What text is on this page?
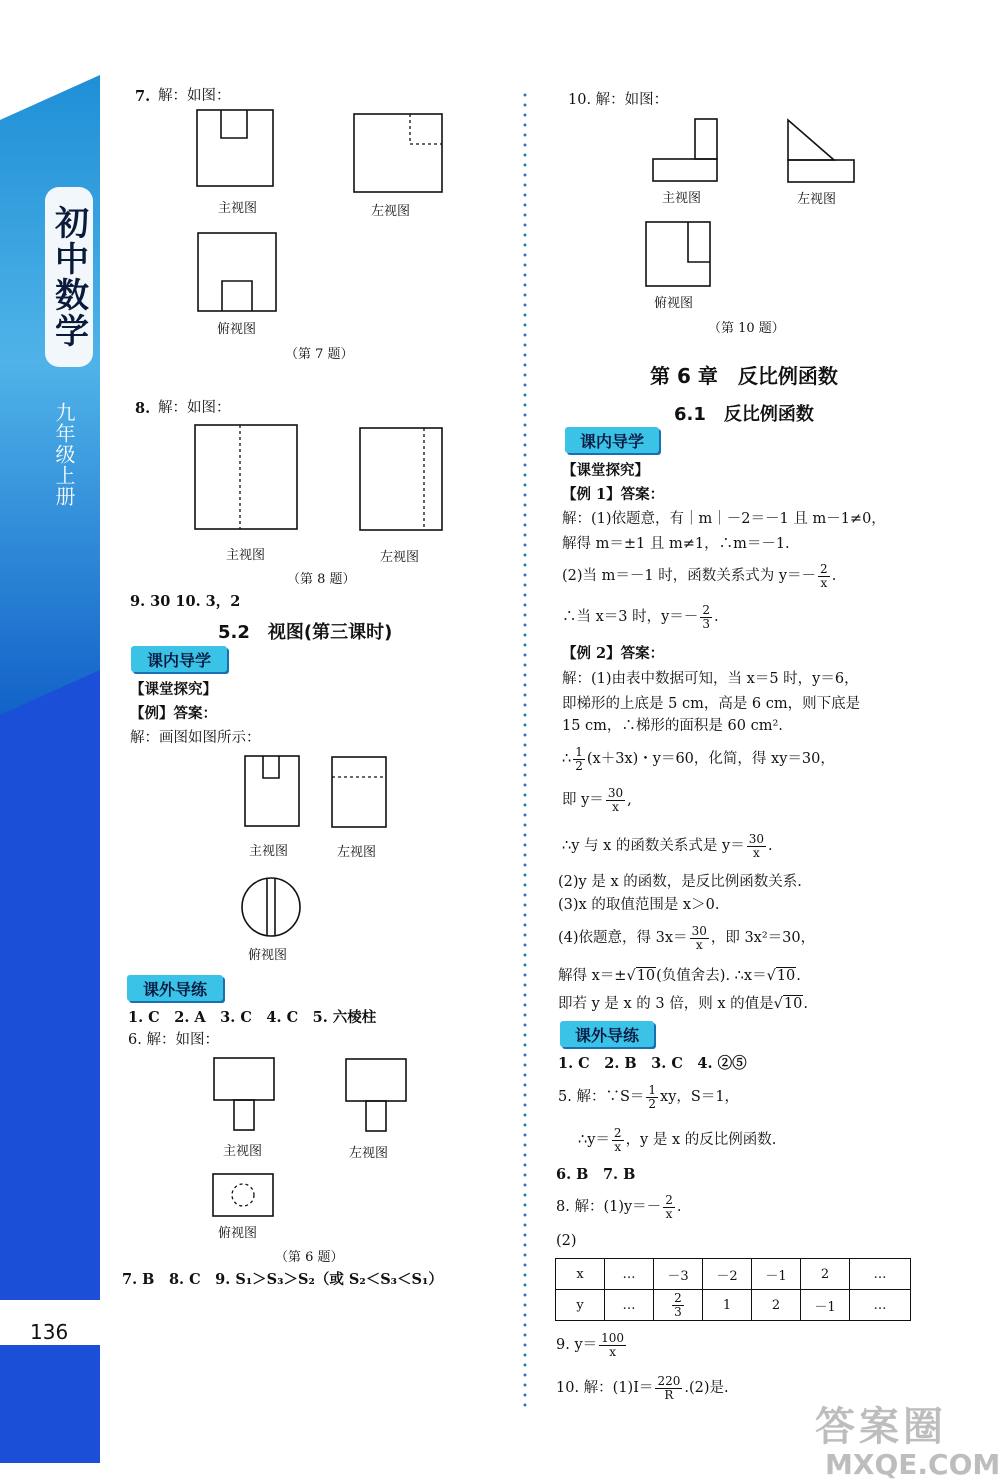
初中数学
九年级上册
136
7. 解：如图：
主视图	左视图
俯视图
（第 7 题）
8. 解：如图：
主视图	左视图
（第 8 题）
9. 30 10. 3，2
5.2　视图(第三课时)
课内导学
【课堂探究】
【例】答案：
解：画图如图所示：
主视图	左视图
俯视图
课外导练
1. C　2. A　3. C　4. C　5. 六棱柱
6. 解：如图：
主视图	左视图
俯视图
（第 6 题）
7. B　8. C　9. S₁＞S₃＞S₂（或 S₂＜S₃＜S₁）
10. 解：如图：
主视图	左视图
俯视图
（第 10 题）
第 6 章　反比例函数
6.1　反比例函数
课内导学
【课堂探究】
【例 1】答案：
解：(1)依题意，有｜m｜－2＝－1 且 m－1≠0，
解得 m＝±1 且 m≠1，∴m＝－1.
(2)当 m＝－1 时，函数关系式为 $y=- \frac{2}{x}$ .
∴当 x＝3 时，$y=- \frac{2}{3}$ .
【例 2】答案：
解：(1)由表中数据可知，当 x＝5 时，y＝6，
即梯形的上底是 5 cm，高是 6 cm，则下底是
15 cm，∴梯形的面积是 60 cm².
∴ $\frac{1}{2} (x+3x)$・y＝60，化简，得 xy＝30，
即 $y= \frac{30}{x}$ ,
∴y 与 x 的函数关系式是 $y= \frac{30}{x}$ .
(2)y 是 x 的函数，是反比例函数关系.
(3)x 的取值范围是 x＞0.
(4)依题意，得 $3x= \frac{30}{x}$ ，即 3x²＝30，
解得 x＝±√10(负值舍去). ∴x＝√10.
即若 y 是 x 的 3 倍，则 x 的值是√10.
课外导练
1. C　2. B　3. C　4. ②⑤
5. 解：∵S＝ $\frac{1}{2}$ xy，S＝1，
∴y＝ $\frac{2}{x}$ ，y 是 x 的反比例函数.
6. B　7. B
8. 解：$(1)y=- \frac{2}{x}$ .
(2)
x	…	－3	－2	－1	2	…
y	…	$\frac{2}{3}$	1	2	－1	…
9. $y= \frac{100}{x}$
10. 解：$(1)I= \frac{220}{R} .(2)$是.
答案圈
MXQE.COM
